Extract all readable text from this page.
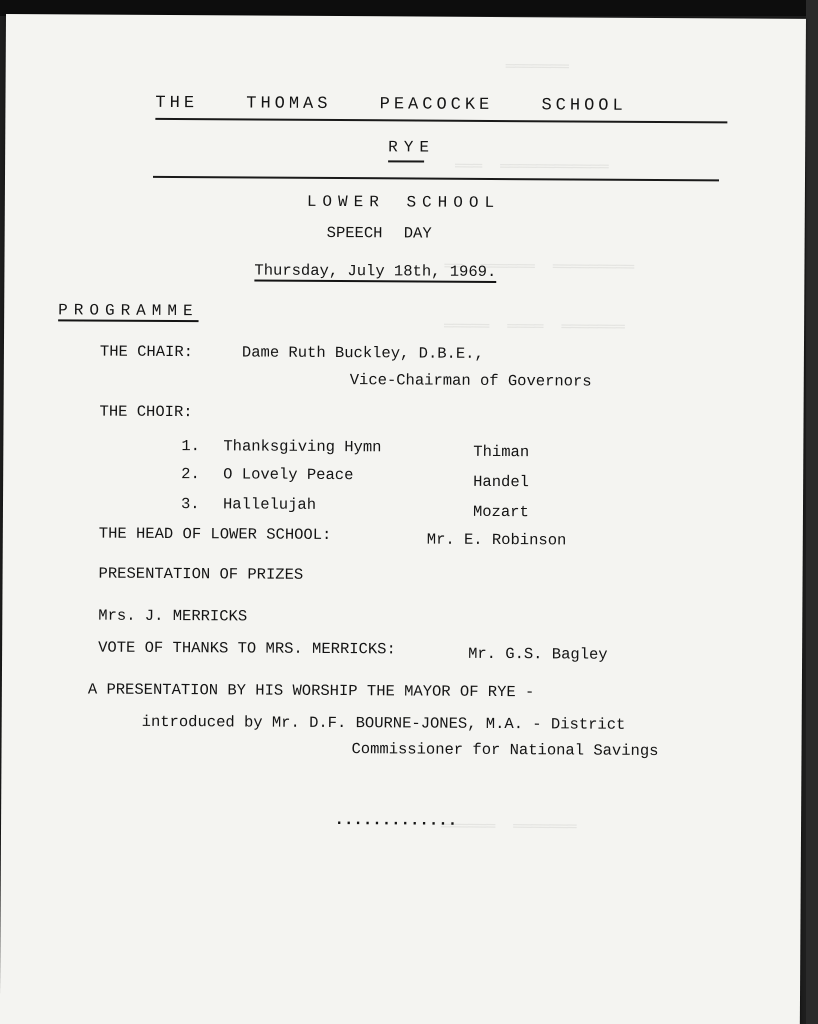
═══════
════════════  ═══
═════════  ══════  ══
═══════  ════  ═════
═══════  ══════
THE THOMAS PEACOCKE SCHOOL
RYE
LOWER SCHOOL
SPEECH DAY
Thursday, July 18th, 1969.
PROGRAMME
THE CHAIR:	Dame Ruth Buckley, D.B.E.,
Vice-Chairman of Governors
THE CHOIR:
1. Thanksgiving Hymn	Thiman
2. O Lovely Peace	Handel
3. Hallelujah	Mozart
THE HEAD OF LOWER SCHOOL:	Mr. E. Robinson
PRESENTATION OF PRIZES
Mrs. J. MERRICKS
VOTE OF THANKS TO MRS. MERRICKS:	Mr. G.S. Bagley
A PRESENTATION BY HIS WORSHIP THE MAYOR OF RYE -
introduced by Mr. D.F. BOURNE-JONES, M.A. - District
Commissioner for National Savings
.............
